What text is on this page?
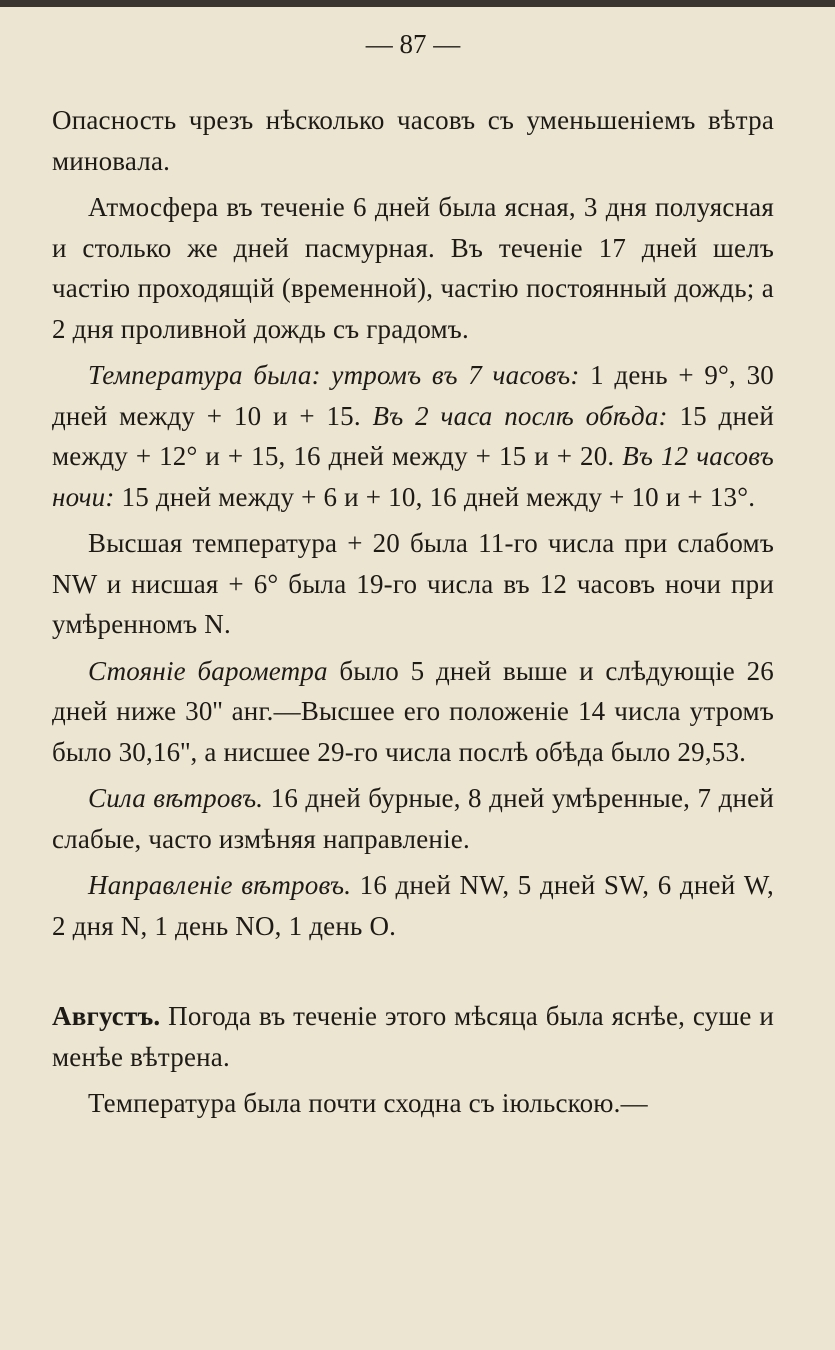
— 87 —

Опасность чрезъ нѣсколько часовъ съ уменьшеніемъ вѣтра миновала.

Атмосфера въ теченіе 6 дней была ясная, 3 дня полуясная и столько же дней пасмурная. Въ теченіе 17 дней шелъ частію проходящій (временной), частію постоянный дождь; а 2 дня проливной дождь съ градомъ.

Температура была: утромъ въ 7 часовъ: 1 день + 9°, 30 дней между + 10 и + 15. Въ 2 часа послѣ обѣда: 15 дней между + 12° и + 15, 16 дней между + 15 и + 20. Въ 12 часовъ ночи: 15 дней между + 6 и + 10, 16 дней между + 10 и + 13°.

Высшая температура + 20 была 11-го числа при слабомъ NW и нисшая + 6° была 19-го числа въ 12 часовъ ночи при умѣренномъ N.

Стояніе барометра было 5 дней выше и слѣдующіе 26 дней ниже 30'' анг.—Высшее его положеніе 14 числа утромъ было 30,16'', а нисшее 29-го числа послѣ обѣда было 29,53.

Сила вѣтровъ. 16 дней бурные, 8 дней умѣренные, 7 дней слабые, часто измѣняя направленіе.

Направленіе вѣтровъ. 16 дней NW, 5 дней SW, 6 дней W, 2 дня N, 1 день NO, 1 день O.

Августъ. Погода въ теченіе этого мѣсяца была яснѣе, суше и менѣе вѣтрена.

Температура была почти сходна съ іюльскою.—
